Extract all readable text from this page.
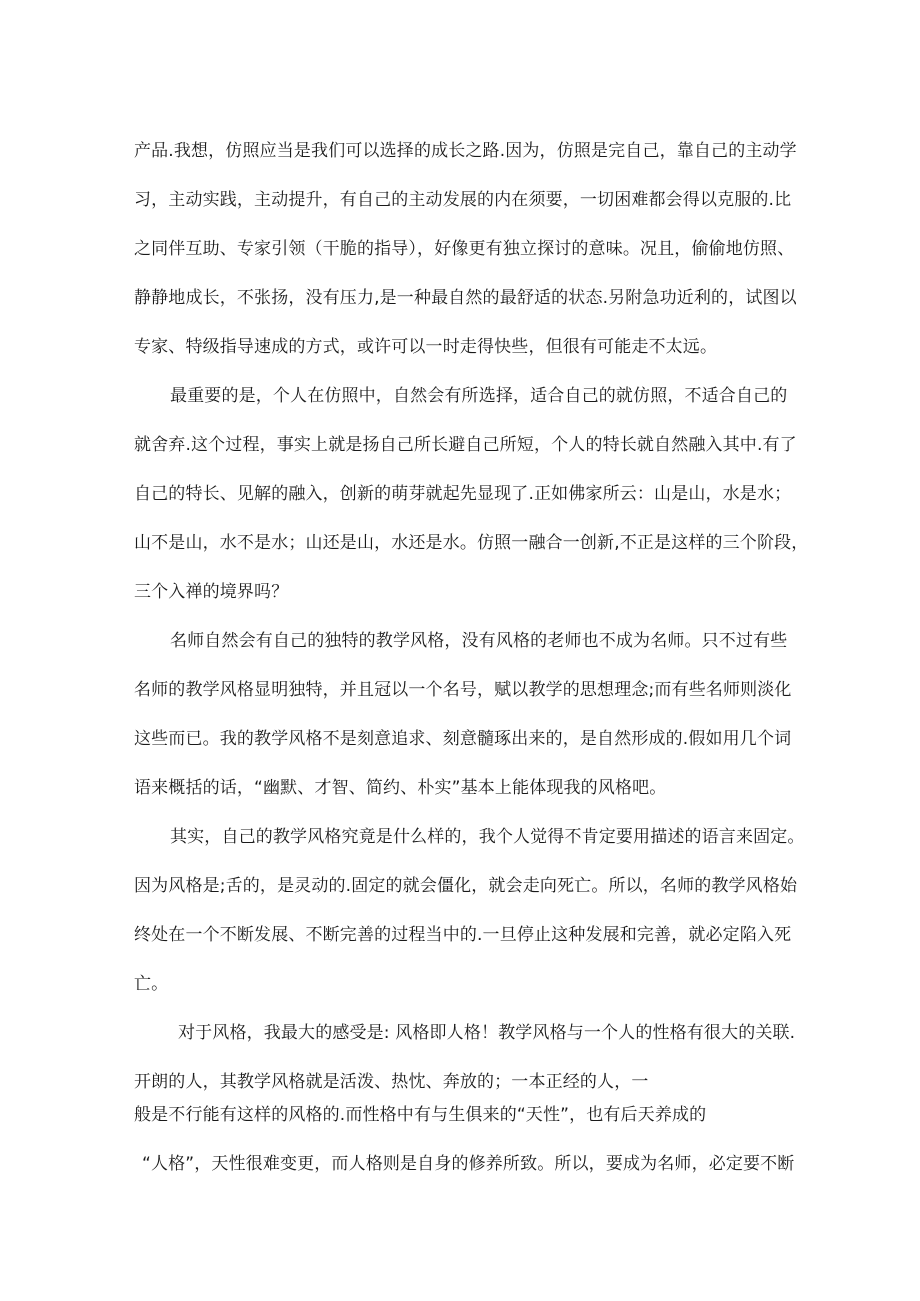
产品.我想，仿照应当是我们可以选择的成长之路.因为，仿照是完自己，靠自己的主动学
习，主动实践，主动提升，有自己的主动发展的内在须要，一切困难都会得以克服的.比
之同伴互助、专家引领（干脆的指导），好像更有独立探讨的意味。况且，偷偷地仿照、
静静地成长，不张扬，没有压力,是一种最自然的最舒适的状态.另附急功近利的，试图以
专家、特级指导速成的方式，或许可以一时走得快些，但很有可能走不太远。
最重要的是，个人在仿照中，自然会有所选择，适合自己的就仿照，不适合自己的
就舍弃.这个过程，事实上就是扬自己所长避自己所短，个人的特长就自然融入其中.有了
自己的特长、见解的融入，创新的萌芽就起先显现了.正如佛家所云：山是山，水是水；
山不是山，水不是水；山还是山，水还是水。仿照一融合一创新,不正是这样的三个阶段，
三个入禅的境界吗？
名师自然会有自己的独特的教学风格，没有风格的老师也不成为名师。只不过有些
名师的教学风格显明独特，并且冠以一个名号，赋以教学的思想理念;而有些名师则淡化
这些而已。我的教学风格不是刻意追求、刻意髓琢出来的，是自然形成的.假如用几个词
语来概括的话，“幽默、才智、简约、朴实”基本上能体现我的风格吧。
其实，自己的教学风格究竟是什么样的，我个人觉得不肯定要用描述的语言来固定。
因为风格是;舌的，是灵动的.固定的就会僵化，就会走向死亡。所以，名师的教学风格始
终处在一个不断发展、不断完善的过程当中的.一旦停止这种发展和完善，就必定陷入死
亡。
对于风格，我最大的感受是: 风格即人格！教学风格与一个人的性格有很大的关联.
开朗的人，其教学风格就是活泼、热忱、奔放的；一本正经的人，一
般是不行能有这样的风格的.而性格中有与生俱来的“天性”，也有后天养成的
“人格”，天性很难变更，而人格则是自身的修养所致。所以，要成为名师，必定要不断
